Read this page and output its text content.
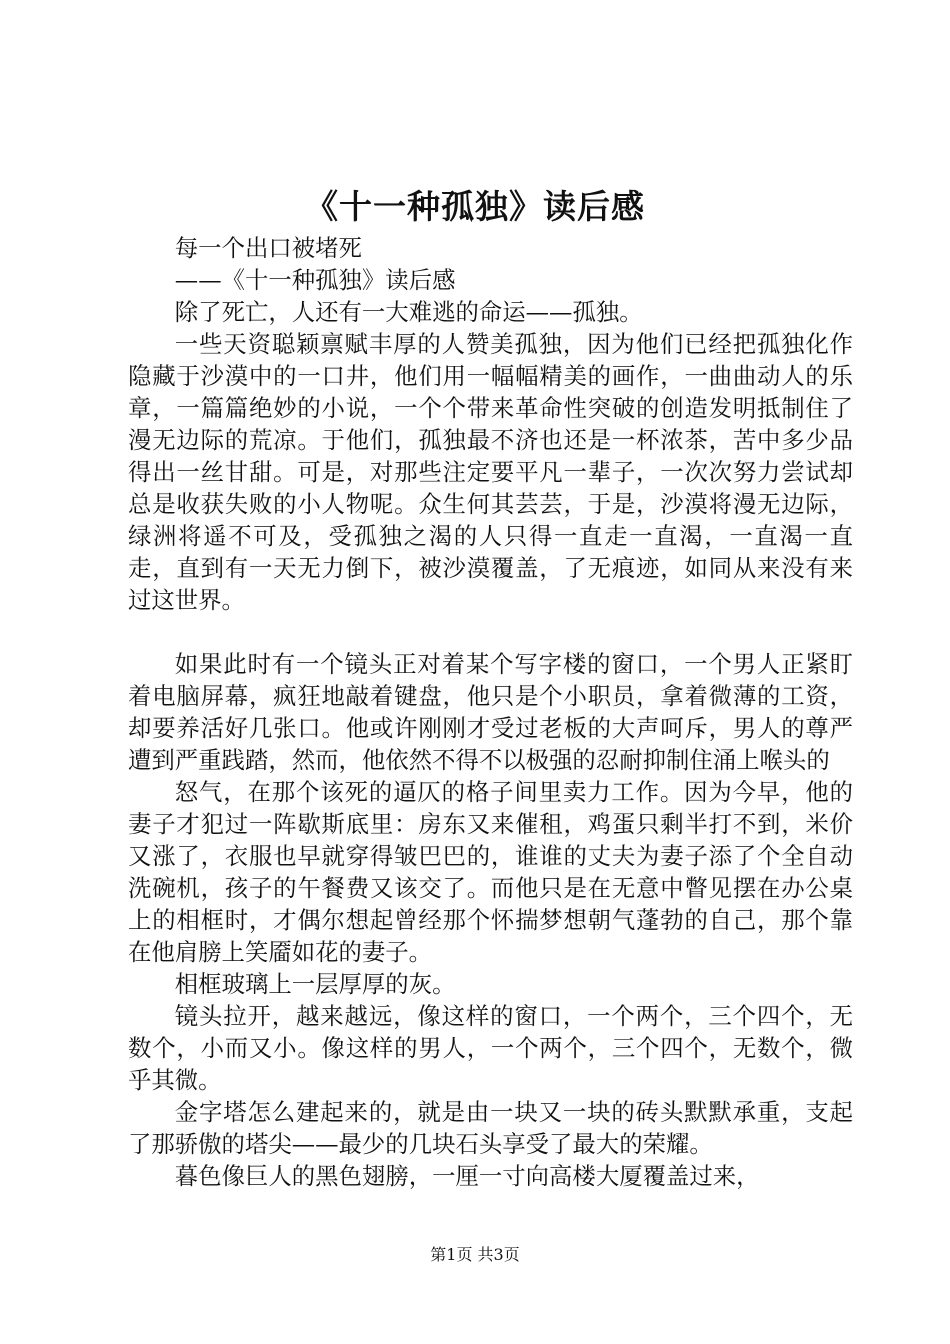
《十一种孤独》读后感

每一个出口被堵死

——《十一种孤独》读后感

除了死亡，人还有一大难逃的命运——孤独。

一些天资聪颖禀赋丰厚的人赞美孤独，因为他们已经把孤独化作隐藏于沙漠中的一口井，他们用一幅幅精美的画作，一曲曲动人的乐章，一篇篇绝妙的小说，一个个带来革命性突破的创造发明抵制住了漫无边际的荒凉。于他们，孤独最不济也还是一杯浓茶，苦中多少品得出一丝甘甜。可是，对那些注定要平凡一辈子，一次次努力尝试却总是收获失败的小人物呢。众生何其芸芸，于是，沙漠将漫无边际，绿洲将遥不可及，受孤独之渴的人只得一直走一直渴，一直渴一直走，直到有一天无力倒下，被沙漠覆盖，了无痕迹，如同从来没有来过这世界。

如果此时有一个镜头正对着某个写字楼的窗口，一个男人正紧盯着电脑屏幕，疯狂地敲着键盘，他只是个小职员，拿着微薄的工资，却要养活好几张口。他或许刚刚才受过老板的大声呵斥，男人的尊严遭到严重践踏，然而，他依然不得不以极强的忍耐抑制住涌上喉头的

怒气，在那个该死的逼仄的格子间里卖力工作。因为今早，他的妻子才犯过一阵歇斯底里：房东又来催租，鸡蛋只剩半打不到，米价又涨了，衣服也早就穿得皱巴巴的，谁谁的丈夫为妻子添了个全自动洗碗机，孩子的午餐费又该交了。而他只是在无意中瞥见摆在办公桌上的相框时，才偶尔想起曾经那个怀揣梦想朝气蓬勃的自己，那个靠在他肩膀上笑靥如花的妻子。

相框玻璃上一层厚厚的灰。

镜头拉开，越来越远，像这样的窗口，一个两个，三个四个，无数个，小而又小。像这样的男人，一个两个，三个四个，无数个，微乎其微。

金字塔怎么建起来的，就是由一块又一块的砖头默默承重，支起了那骄傲的塔尖——最少的几块石头享受了最大的荣耀。

暮色像巨人的黑色翅膀，一厘一寸向高楼大厦覆盖过来，

第1页 共3页
